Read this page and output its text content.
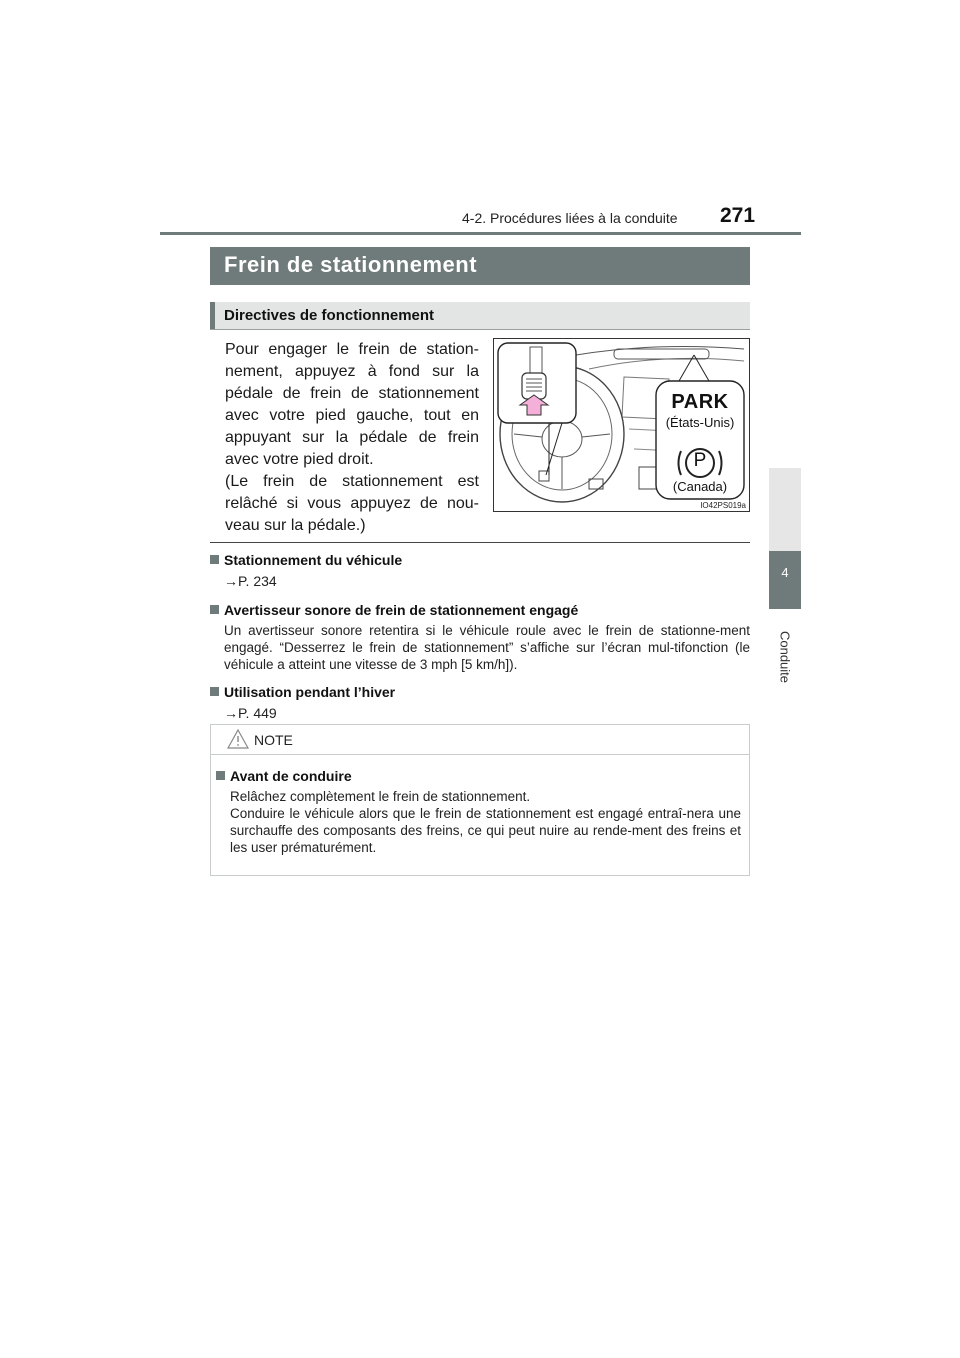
4-2. Procédures liées à la conduite 271
4
Conduite
Frein de stationnement
Directives de fonctionnement

Pour engager le frein de station-nement, appuyez à fond sur la pédale de frein de stationnement avec votre pied gauche, tout en appuyant sur la pédale de frein avec votre pied droit.

(Le frein de stationnement est relâché si vous appuyez de nou-veau sur la pédale.)

PARK
(États-Unis)
P
(Canada)
IO42PS019a
Stationnement du véhicule
→P. 234
Avertisseur sonore de frein de stationnement engagé
Un avertisseur sonore retentira si le véhicule roule avec le frein de stationne-ment engagé. “Desserrez le frein de stationnement” s’affiche sur l’écran mul-tifonction (le véhicule a atteint une vitesse de 3 mph [5 km/h]).
Utilisation pendant l’hiver
→P. 449
NOTE
Avant de conduire
Relâchez complètement le frein de stationnement.
Conduire le véhicule alors que le frein de stationnement est engagé entraî-nera une surchauffe des composants des freins, ce qui peut nuire au rende-ment des freins et les user prématurément.
